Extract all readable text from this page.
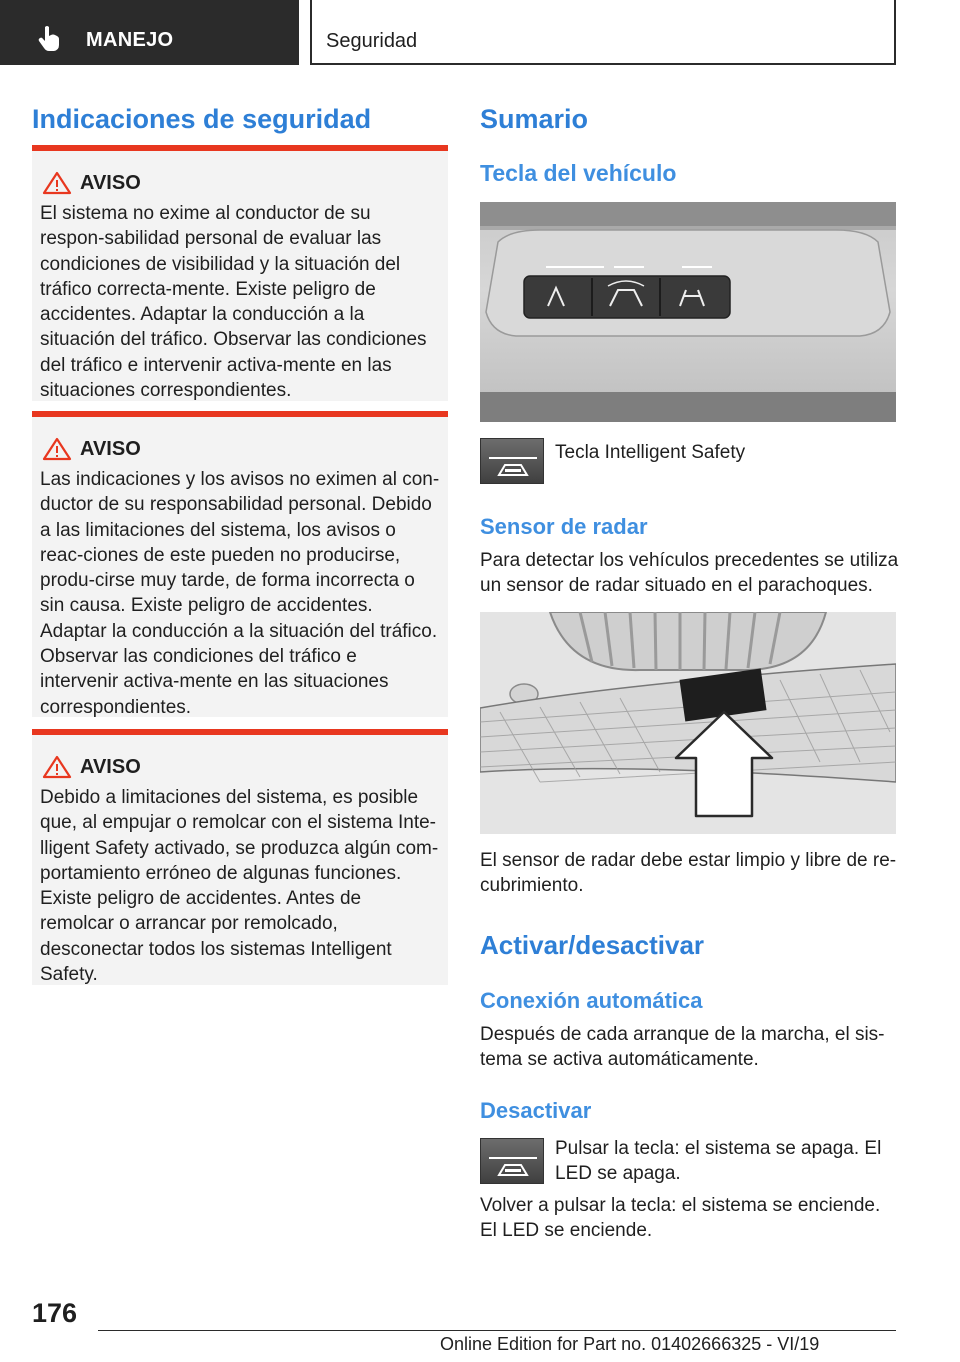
MANEJO	Seguridad
Indicaciones de seguridad
AVISO
El sistema no exime al conductor de su respon-sabilidad personal de evaluar las condiciones de visibilidad y la situación del tráfico correcta-mente. Existe peligro de accidentes. Adaptar la conducción a la situación del tráfico. Observar las condiciones del tráfico e intervenir activa-mente en las situaciones correspondientes.
AVISO
Las indicaciones y los avisos no eximen al con-ductor de su responsabilidad personal. Debido a las limitaciones del sistema, los avisos o reac-ciones de este pueden no producirse, produ-cirse muy tarde, de forma incorrecta o sin causa. Existe peligro de accidentes. Adaptar la conducción a la situación del tráfico. Observar las condiciones del tráfico e intervenir activa-mente en las situaciones correspondientes.
AVISO
Debido a limitaciones del sistema, es posible que, al empujar o remolcar con el sistema Inte-lligent Safety activado, se produzca algún com-portamiento erróneo de algunas funciones. Existe peligro de accidentes. Antes de remolcar o arrancar por remolcado, desconectar todos los sistemas Intelligent Safety.
Sumario
Tecla del vehículo
Tecla Intelligent Safety
Sensor de radar
Para detectar los vehículos precedentes se utiliza un sensor de radar situado en el parachoques.
El sensor de radar debe estar limpio y libre de re-cubrimiento.
Activar/desactivar
Conexión automática
Después de cada arranque de la marcha, el sis-tema se activa automáticamente.
Desactivar
Pulsar la tecla: el sistema se apaga. El LED se apaga.
Volver a pulsar la tecla: el sistema se enciende. El LED se enciende.
176
Online Edition for Part no. 01402666325 - VI/19
